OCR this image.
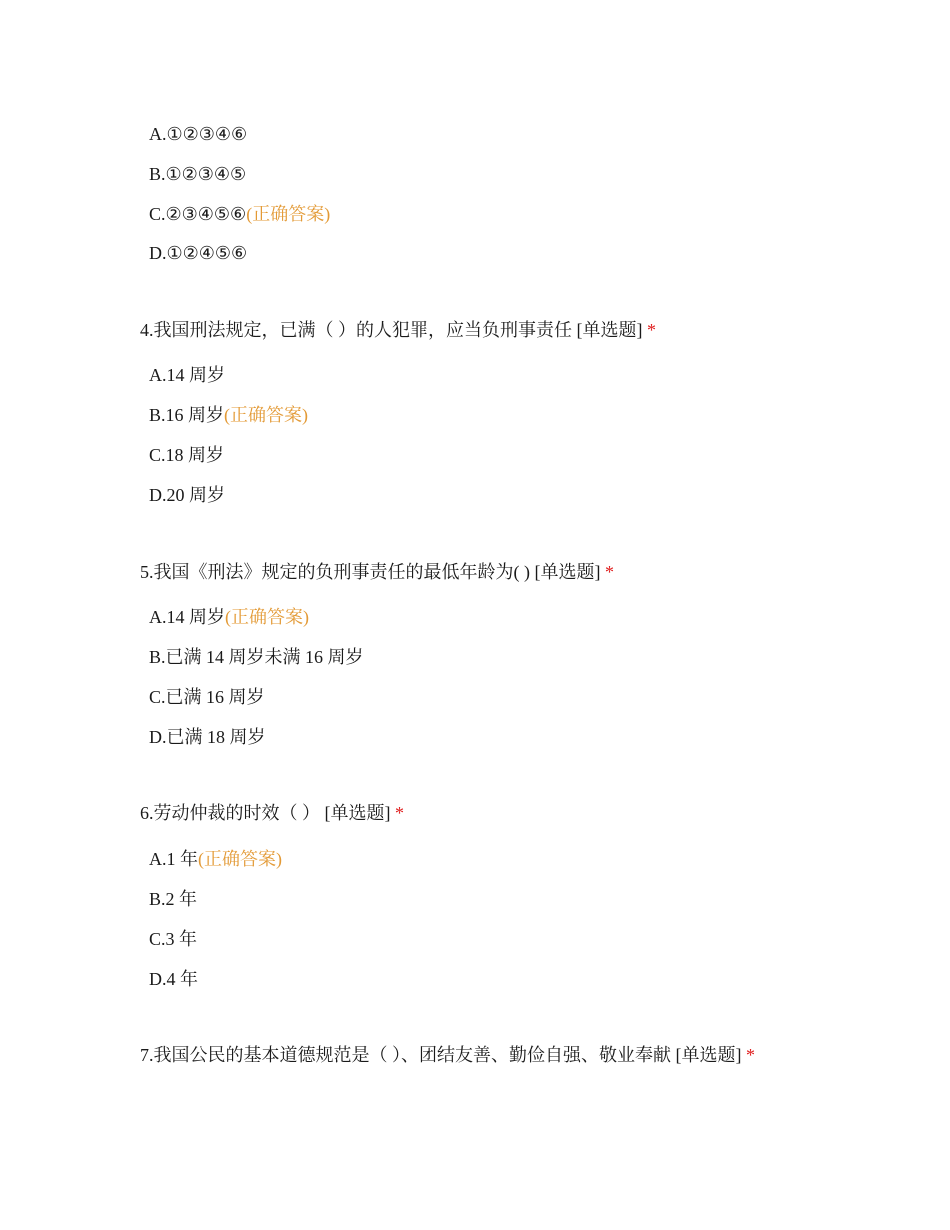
A.①②③④⑥
B.①②③④⑤
C.②③④⑤⑥(正确答案)
D.①②④⑤⑥
4.我国刑法规定，已满（ ）的人犯罪，应当负刑事责任 [单选题] *
A.14 周岁
B.16 周岁(正确答案)
C.18 周岁
D.20 周岁
5.我国《刑法》规定的负刑事责任的最低年龄为( ) [单选题] *
A.14 周岁(正确答案)
B.已满 14 周岁未满 16 周岁
C.已满 16 周岁
D.已满 18 周岁
6.劳动仲裁的时效（ ） [单选题] *
A.1 年(正确答案)
B.2 年
C.3 年
D.4 年
7.我国公民的基本道德规范是（ ）、团结友善、勤俭自强、敬业奉献 [单选题] *
